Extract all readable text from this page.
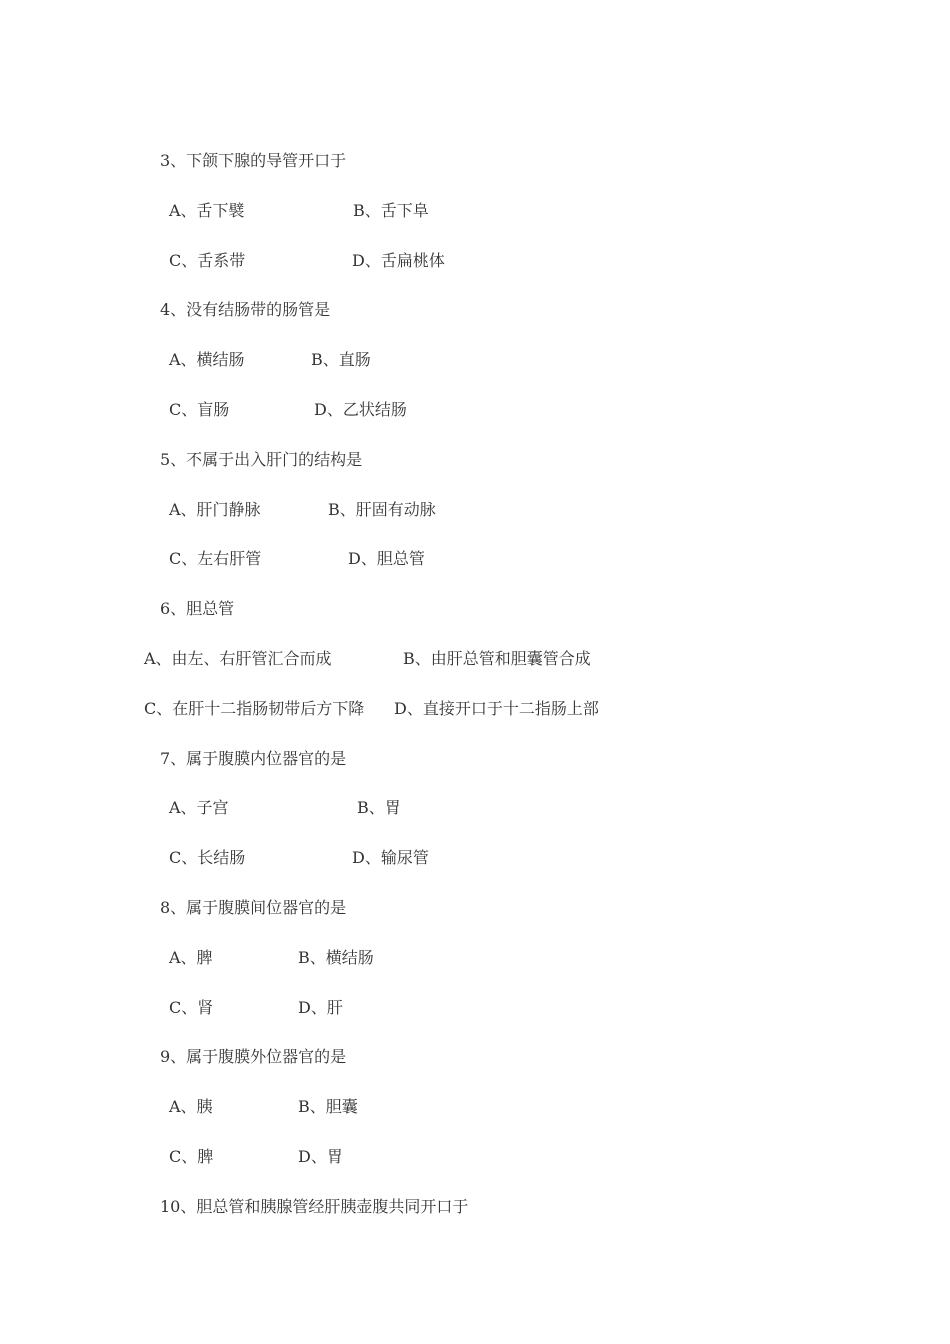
3、下颌下腺的导管开口于
A、舌下襞	B、舌下阜
C、舌系带	D、舌扁桃体
4、没有结肠带的肠管是
A、横结肠	B、直肠
C、盲肠	D、乙状结肠
5、不属于出入肝门的结构是
A、肝门静脉	B、肝固有动脉
C、左右肝管	D、胆总管
6、胆总管
A、由左、右肝管汇合而成	B、由肝总管和胆囊管合成
C、在肝十二指肠韧带后方下降 D、直接开口于十二指肠上部
7、属于腹膜内位器官的是
A、子宫	B、胃
C、长结肠	D、输尿管
8、属于腹膜间位器官的是
A、脾	B、横结肠
C、肾	D、肝
9、属于腹膜外位器官的是
A、胰	B、胆囊
C、脾	D、胃
10、胆总管和胰腺管经肝胰壶腹共同开口于
